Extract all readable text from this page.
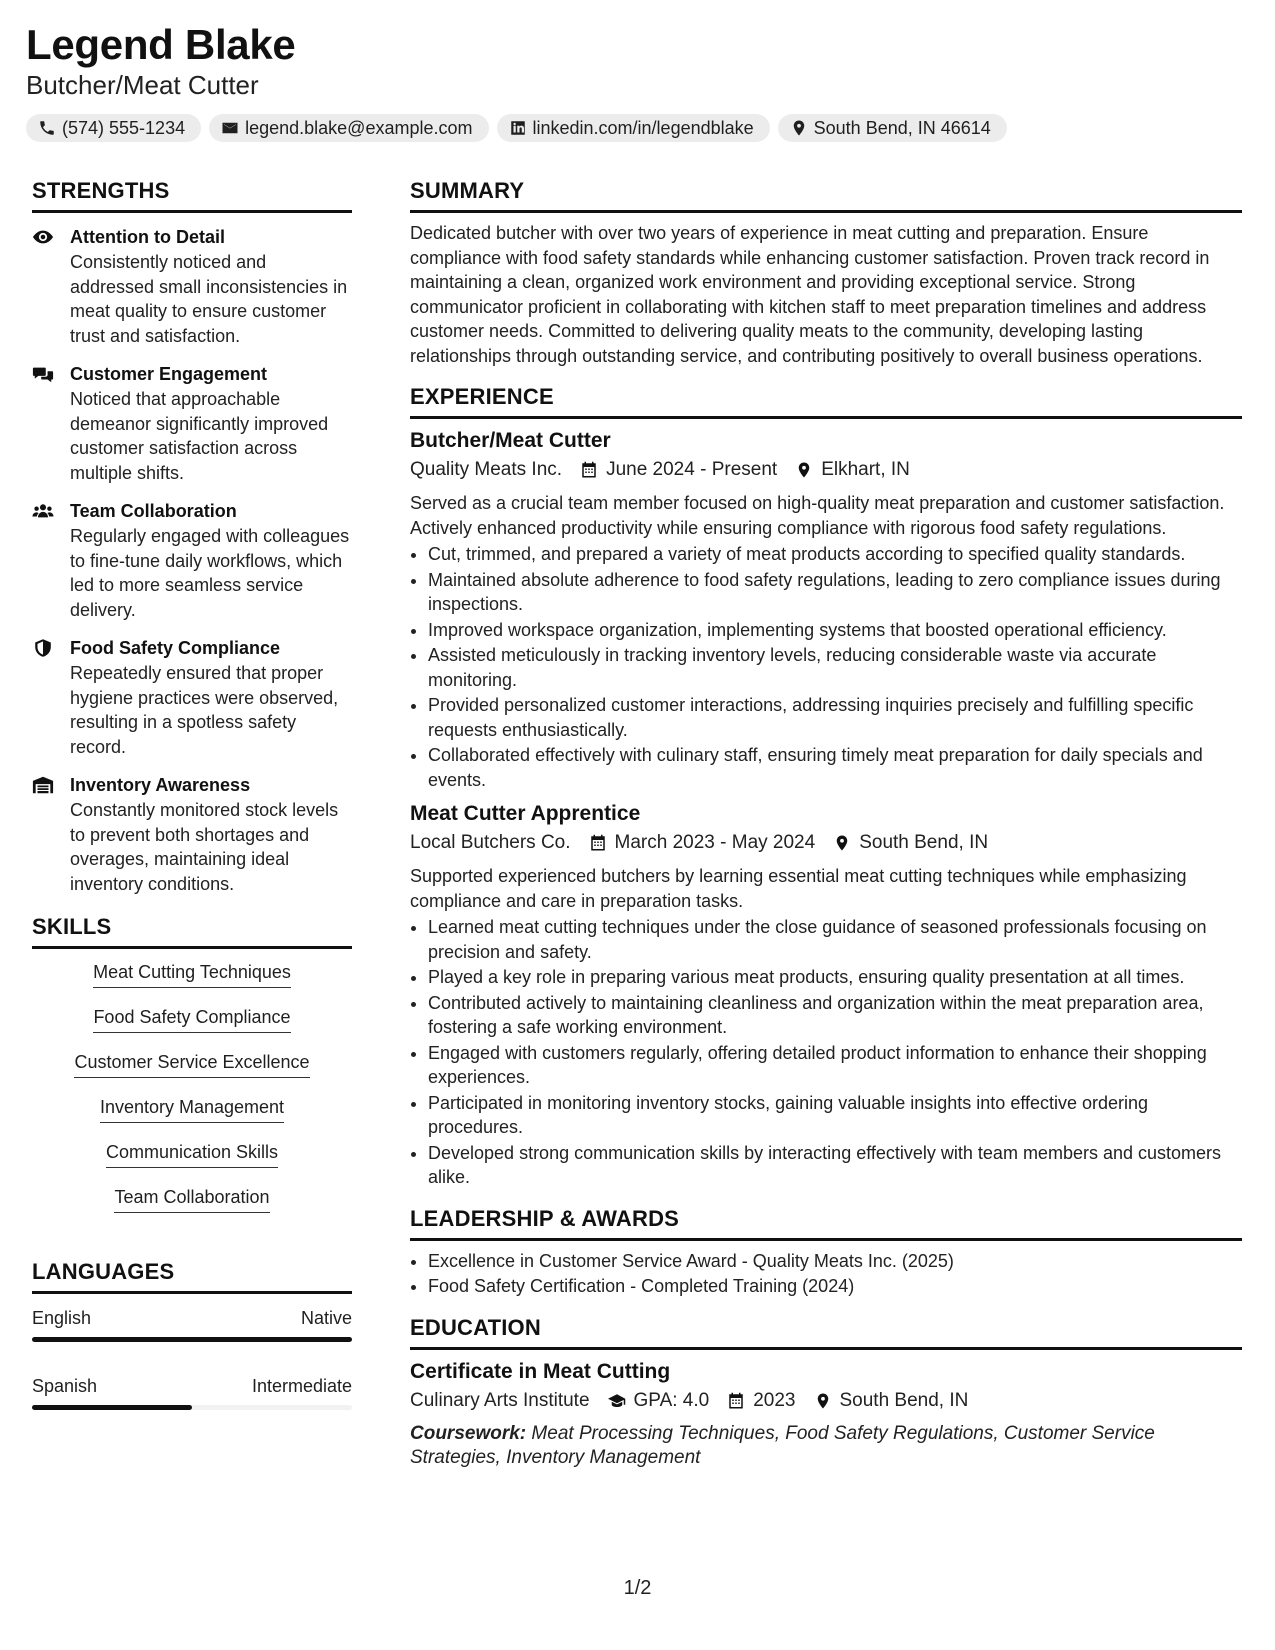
Legend Blake
Butcher/Meat Cutter
(574) 555-1234	legend.blake@example.com	linkedin.com/in/legendblake	South Bend, IN 46614
STRENGTHS
Attention to Detail
Consistently noticed and addressed small inconsistencies in meat quality to ensure customer trust and satisfaction.
Customer Engagement
Noticed that approachable demeanor significantly improved customer satisfaction across multiple shifts.
Team Collaboration
Regularly engaged with colleagues to fine-tune daily workflows, which led to more seamless service delivery.
Food Safety Compliance
Repeatedly ensured that proper hygiene practices were observed, resulting in a spotless safety record.
Inventory Awareness
Constantly monitored stock levels to prevent both shortages and overages, maintaining ideal inventory conditions.
SKILLS
Meat Cutting Techniques
Food Safety Compliance
Customer Service Excellence
Inventory Management
Communication Skills
Team Collaboration
LANGUAGES
English	Native
Spanish	Intermediate
SUMMARY
Dedicated butcher with over two years of experience in meat cutting and preparation. Ensure compliance with food safety standards while enhancing customer satisfaction. Proven track record in maintaining a clean, organized work environment and providing exceptional service. Strong communicator proficient in collaborating with kitchen staff to meet preparation timelines and address customer needs. Committed to delivering quality meats to the community, developing lasting relationships through outstanding service, and contributing positively to overall business operations.
EXPERIENCE
Butcher/Meat Cutter
Quality Meats Inc. June 2024 - Present Elkhart, IN
Served as a crucial team member focused on high-quality meat preparation and customer satisfaction. Actively enhanced productivity while ensuring compliance with rigorous food safety regulations.
• Cut, trimmed, and prepared a variety of meat products according to specified quality standards.
• Maintained absolute adherence to food safety regulations, leading to zero compliance issues during inspections.
• Improved workspace organization, implementing systems that boosted operational efficiency.
• Assisted meticulously in tracking inventory levels, reducing considerable waste via accurate monitoring.
• Provided personalized customer interactions, addressing inquiries precisely and fulfilling specific requests enthusiastically.
• Collaborated effectively with culinary staff, ensuring timely meat preparation for daily specials and events.
Meat Cutter Apprentice
Local Butchers Co. March 2023 - May 2024 South Bend, IN
Supported experienced butchers by learning essential meat cutting techniques while emphasizing compliance and care in preparation tasks.
• Learned meat cutting techniques under the close guidance of seasoned professionals focusing on precision and safety.
• Played a key role in preparing various meat products, ensuring quality presentation at all times.
• Contributed actively to maintaining cleanliness and organization within the meat preparation area, fostering a safe working environment.
• Engaged with customers regularly, offering detailed product information to enhance their shopping experiences.
• Participated in monitoring inventory stocks, gaining valuable insights into effective ordering procedures.
• Developed strong communication skills by interacting effectively with team members and customers alike.
LEADERSHIP & AWARDS
• Excellence in Customer Service Award - Quality Meats Inc. (2025)
• Food Safety Certification - Completed Training (2024)
EDUCATION
Certificate in Meat Cutting
Culinary Arts Institute GPA: 4.0 2023 South Bend, IN
Coursework: Meat Processing Techniques, Food Safety Regulations, Customer Service Strategies, Inventory Management
1/2
